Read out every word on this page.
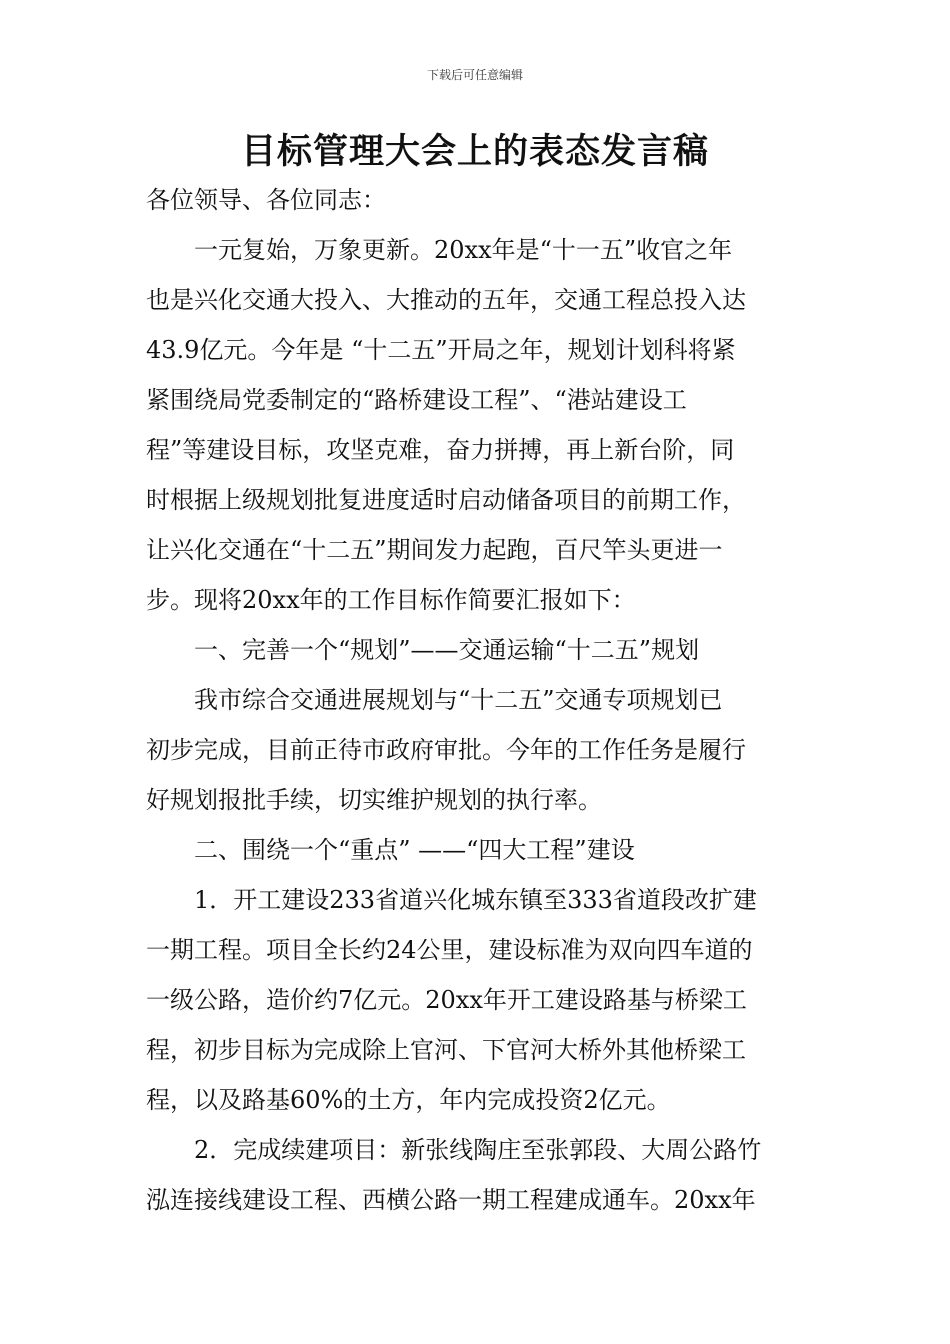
下载后可任意编辑
目标管理大会上的表态发言稿
各位领导、各位同志：
　　一元复始，万象更新。20xx年是“十一五”收官之年
也是兴化交通大投入、大推动的五年，交通工程总投入达
43.9亿元。今年是 “十二五”开局之年，规划计划科将紧
紧围绕局党委制定的“路桥建设工程”、“港站建设工
程”等建设目标，攻坚克难，奋力拼搏，再上新台阶，同
时根据上级规划批复进度适时启动储备项目的前期工作，
让兴化交通在“十二五”期间发力起跑，百尺竿头更进一
步。现将20xx年的工作目标作简要汇报如下：
　　一、完善一个“规划”——交通运输“十二五”规划
　　我市综合交通进展规划与“十二五”交通专项规划已
初步完成，目前正待市政府审批。今年的工作任务是履行
好规划报批手续，切实维护规划的执行率。
　　二、围绕一个“重点” ——“四大工程”建设
　　1．开工建设233省道兴化城东镇至333省道段改扩建
一期工程。项目全长约24公里，建设标准为双向四车道的
一级公路，造价约7亿元。20xx年开工建设路基与桥梁工
程，初步目标为完成除上官河、下官河大桥外其他桥梁工
程，以及路基60%的土方，年内完成投资2亿元。
　　2．完成续建项目：新张线陶庄至张郭段、大周公路竹
泓连接线建设工程、西横公路一期工程建成通车。20xx年
